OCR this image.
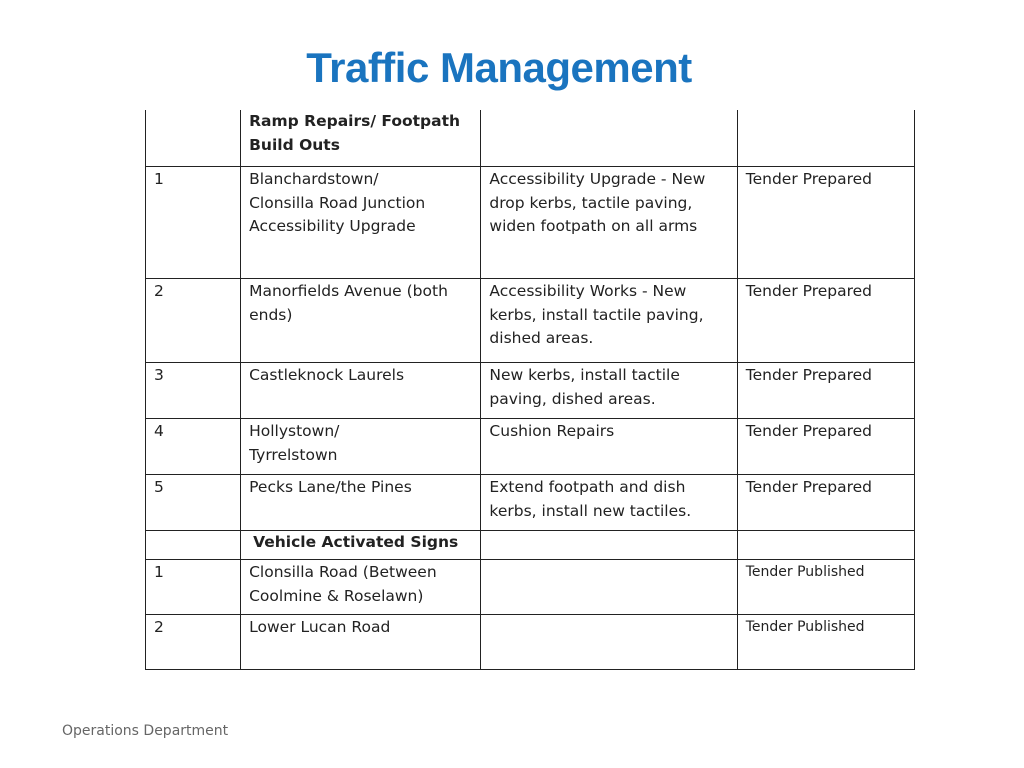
Traffic Management
	Ramp Repairs/ Footpath Build Outs		

1	Blanchardstown/ Clonsilla Road Junction Accessibility Upgrade	Accessibility Upgrade - New drop kerbs, tactile paving, widen footpath on all arms	Tender Prepared

2	Manorfields Avenue (both ends)	Accessibility Works - New kerbs, install tactile paving, dished areas.	Tender Prepared

3	Castleknock Laurels	New kerbs, install tactile paving, dished areas.	Tender Prepared

4	Hollystown/ Tyrrelstown	Cushion Repairs	Tender Prepared

5	Pecks Lane/the Pines	Extend footpath and dish kerbs, install new tactiles.	Tender Prepared

	Vehicle Activated Signs		

1	Clonsilla Road (Between Coolmine & Roselawn)		Tender Published

2	Lower Lucan Road		Tender Published
Operations Department
